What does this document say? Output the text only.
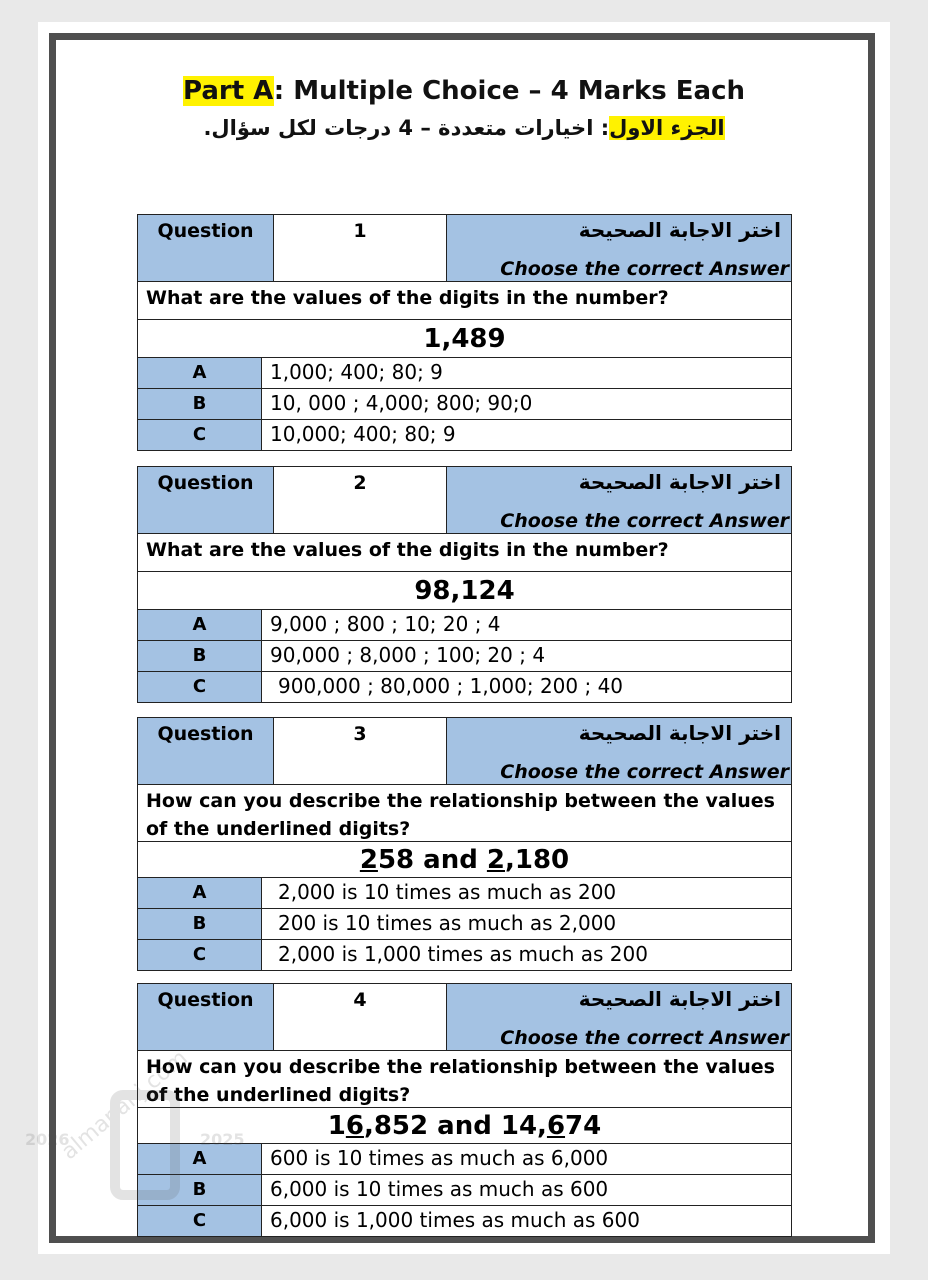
Part A: Multiple Choice – 4 Marks Each
الجزء الاول: اخيارات متعددة – 4 درجات لكل سؤال.
Question	1	اختر الاجابة الصحيحة
Choose the correct Answer
What are the values of the digits in the number?
1,489
A	1,000; 400; 80; 9
B	10, 000 ; 4,000; 800; 90;0
C	10,000; 400; 80; 9
Question	2	اختر الاجابة الصحيحة
Choose the correct Answer
What are the values of the digits in the number?
98,124
A	9,000 ; 800 ; 10; 20 ; 4
B	90,000 ; 8,000 ; 100; 20 ; 4
C	900,000 ; 80,000 ; 1,000; 200 ; 40
Question	3	اختر الاجابة الصحيحة
Choose the correct Answer
How can you describe the relationship between the values of the underlined digits?
258 and 2,180
A	2,000 is 10 times as much as 200
B	200 is 10 times as much as 2,000
C	2,000 is 1,000 times as much as 200
Question	4	اختر الاجابة الصحيحة
Choose the correct Answer
How can you describe the relationship between the values of the underlined digits?
16,852 and 14,674
A	600 is 10 times as much as 6,000
B	6,000 is 10 times as much as 600
C	6,000 is 1,000 times as much as 600
